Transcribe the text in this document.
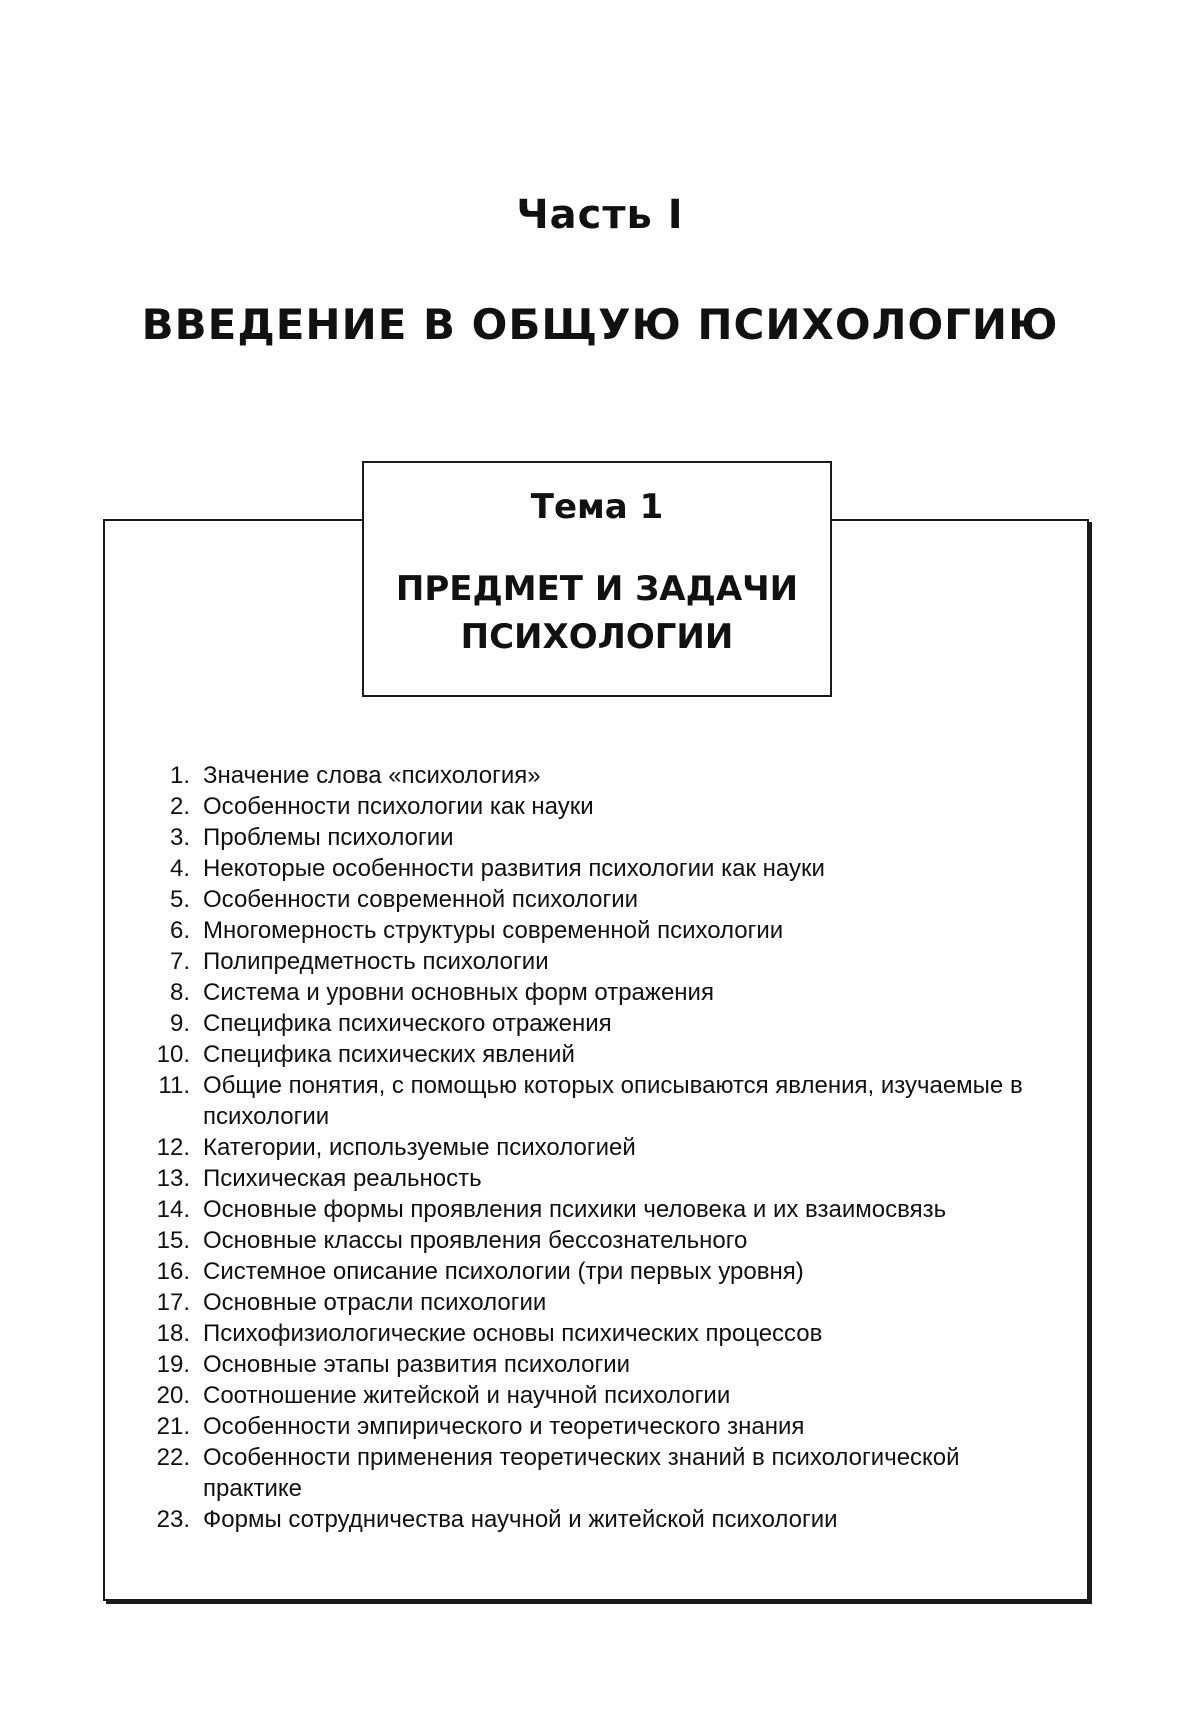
Часть I
ВВЕДЕНИЕ В ОБЩУЮ ПСИХОЛОГИЮ
Тема 1
ПРЕДМЕТ И ЗАДАЧИ ПСИХОЛОГИИ
1 . Значение слова «психология»
2 . Особенности психологии как науки
3 . Проблемы психологии
4 . Некоторые особенности развития психологии как науки
5 . Особенности современной психологии
6 . Многомерность структуры современной психологии
7 . Полипредметность психологии
8 . Система и уровни основных форм отражения
9 . Специфика психического отражения
10 . Специфика психических явлений
11 . Общие понятия, с помощью которых описываются явления, изучаемые в психологии
12 . Категории, используемые психологией
13 . Психическая реальность
14 . Основные формы проявления психики человека и их взаимосвязь
15 . Основные классы проявления бессознательного
16 . Системное описание психологии (три первых уровня)
17 . Основные отрасли психологии
18 . Психофизиологические основы психических процессов
19 . Основные этапы развития психологии
20 . Соотношение житейской и научной психологии
21 . Особенности эмпирического и теоретического знания
22 . Особенности применения теоретических знаний в психологической практике
23 . Формы сотрудничества научной и житейской психологии
